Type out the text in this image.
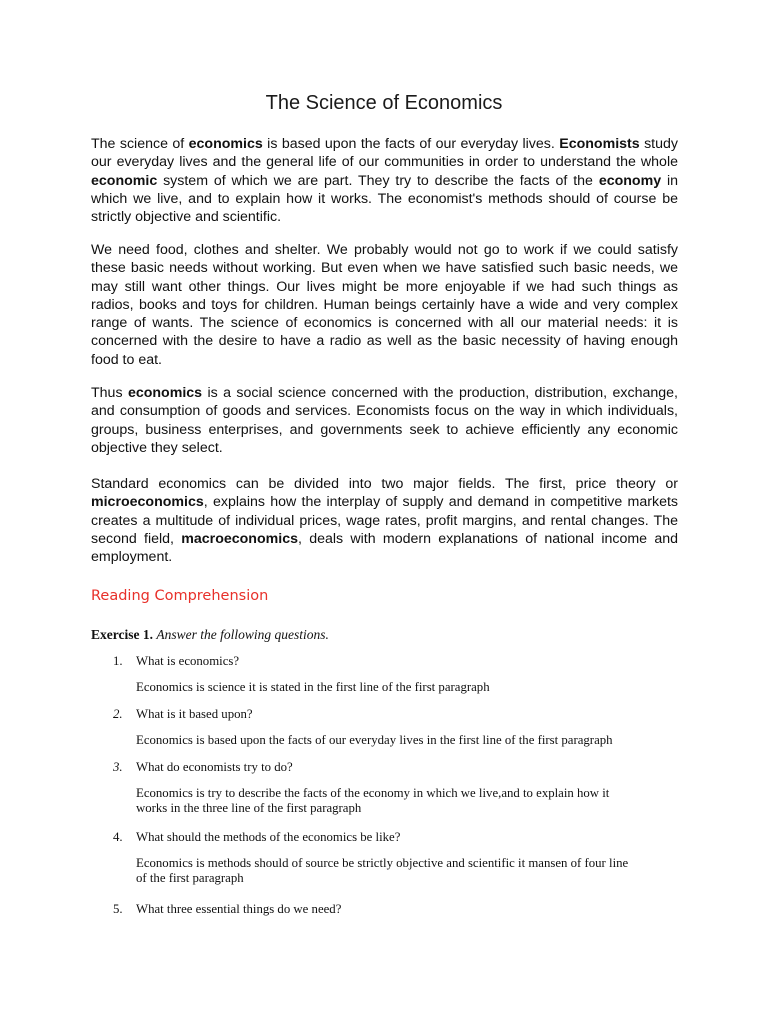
The Science of Economics
The science of economics is based upon the facts of our everyday lives. Economists study our everyday lives and the general life of our communities in order to understand the whole economic system of which we are part. They try to describe the facts of the economy in which we live, and to explain how it works. The economist's methods should of course be strictly objective and scientific.
We need food, clothes and shelter. We probably would not go to work if we could satisfy these basic needs without working. But even when we have satisfied such basic needs, we may still want other things. Our lives might be more enjoyable if we had such things as radios, books and toys for children. Human beings certainly have a wide and very complex range of wants. The science of economics is concerned with all our material needs: it is concerned with the desire to have a radio as well as the basic necessity of having enough food to eat.
Thus economics is a social science concerned with the production, distribution, exchange, and consumption of goods and services. Economists focus on the way in which individuals, groups, business enterprises, and governments seek to achieve efficiently any economic objective they select.
Standard economics can be divided into two major fields. The first, price theory or microeconomics, explains how the interplay of supply and demand in competitive markets creates a multitude of individual prices, wage rates, profit margins, and rental changes. The second field, macroeconomics, deals with modern explanations of national income and employment.
Reading Comprehension
Exercise 1. Answer the following questions.
1. What is economics?
Economics is science it is stated in the first line of the first paragraph
2. What is it based upon?
Economics is based upon the facts of our everyday lives in the first line of the first paragraph
3. What do economists try to do?
Economics is try to describe the facts of the economy in which we live,and to explain how it
works in the three line of the first paragraph
4. What should the methods of the economics be like?
Economics is methods should of source be strictly objective and scientific it mansen of four line
of the first paragraph
5. What three essential things do we need?
